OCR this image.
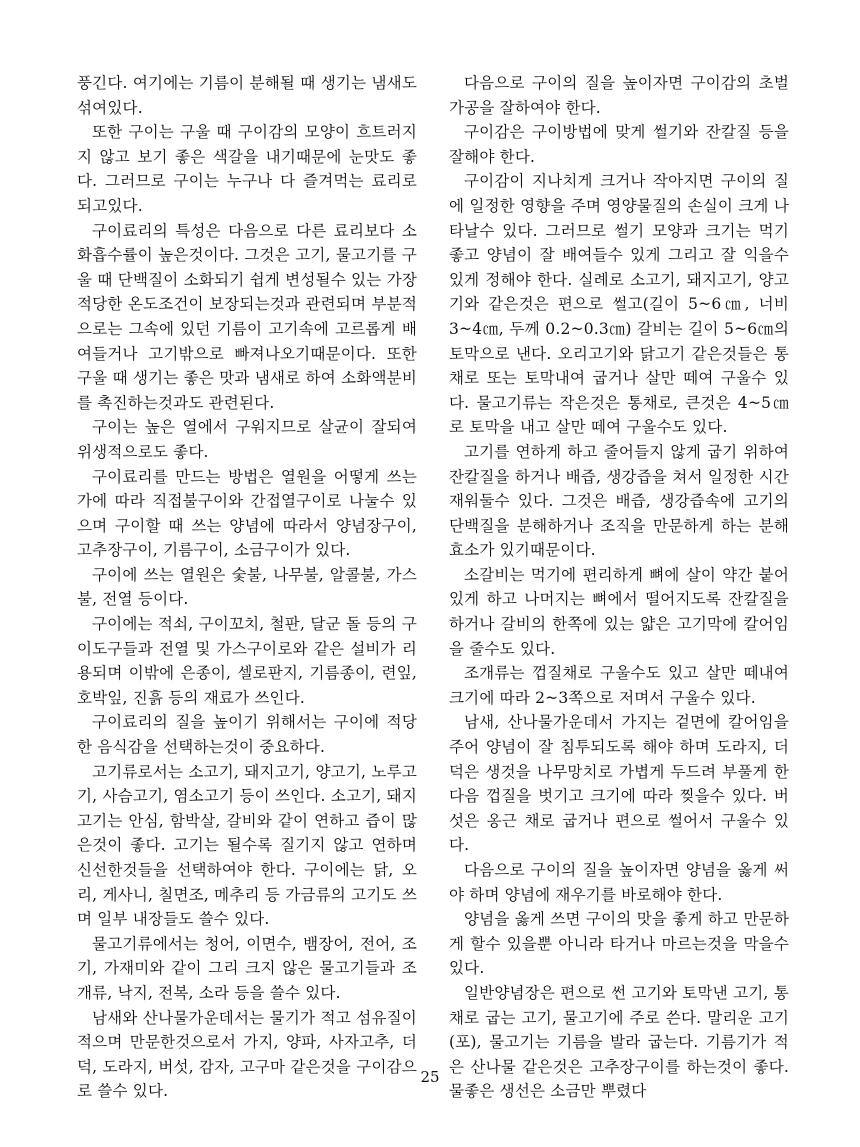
풍긴다. 여기에는 기름이 분해될 때 생기는 냄새도 섞여있다.

또한 구이는 구울 때 구이감의 모양이 흐트러지지 않고 보기 좋은 색갈을 내기때문에 눈맛도 좋다. 그러므로 구이는 누구나 다 즐겨먹는 료리로 되고있다.

구이료리의 특성은 다음으로 다른 료리보다 소화흡수률이 높은것이다. 그것은 고기, 물고기를 구울 때 단백질이 소화되기 쉽게 변성될수 있는 가장 적당한 온도조건이 보장되는것과 관련되며 부분적으로는 그속에 있던 기름이 고기속에 고르롭게 배여들거나 고기밖으로 빠져나오기때문이다. 또한 구울 때 생기는 좋은 맛과 냄새로 하여 소화액분비를 촉진하는것과도 관련된다.

구이는 높은 열에서 구워지므로 살균이 잘되여 위생적으로도 좋다.

구이료리를 만드는 방법은 열원을 어떻게 쓰는가에 따라 직접불구이와 간접열구이로 나눌수 있으며 구이할 때 쓰는 양념에 따라서 양념장구이, 고추장구이, 기름구이, 소금구이가 있다.

구이에 쓰는 열원은 숯불, 나무불, 알콜불, 가스불, 전열 등이다.

구이에는 적쇠, 구이꼬치, 철판, 달군 돌 등의 구이도구들과 전열 및 가스구이로와 같은 설비가 리용되며 이밖에 은종이, 셀로판지, 기름종이, 련잎, 호박잎, 진흙 등의 재료가 쓰인다.

구이료리의 질을 높이기 위해서는 구이에 적당한 음식감을 선택하는것이 중요하다.

고기류로서는 소고기, 돼지고기, 양고기, 노루고기, 사슴고기, 염소고기 등이 쓰인다. 소고기, 돼지고기는 안심, 함박살, 갈비와 같이 연하고 즙이 많은것이 좋다. 고기는 될수록 질기지 않고 연하며 신선한것들을 선택하여야 한다. 구이에는 닭, 오리, 게사니, 칠면조, 메추리 등 가금류의 고기도 쓰며 일부 내장들도 쓸수 있다.

물고기류에서는 청어, 이면수, 뱀장어, 전어, 조기, 가재미와 같이 그리 크지 않은 물고기들과 조개류, 낙지, 전복, 소라 등을 쓸수 있다.

남새와 산나물가운데서는 물기가 적고 섬유질이 적으며 만문한것으로서 가지, 양파, 사자고추, 더덕, 도라지, 버섯, 감자, 고구마 같은것을 구이감으로 쓸수 있다.

다음으로 구이의 질을 높이자면 구이감의 초벌가공을 잘하여야 한다.

구이감은 구이방법에 맞게 썰기와 잔칼질 등을 잘해야 한다.

구이감이 지나치게 크거나 작아지면 구이의 질에 일정한 영향을 주며 영양물질의 손실이 크게 나타날수 있다. 그러므로 썰기 모양과 크기는 먹기 좋고 양념이 잘 배여들수 있게 그리고 잘 익을수 있게 정해야 한다. 실례로 소고기, 돼지고기, 양고기와 같은것은 편으로 썰고(길이 5~6㎝, 너비 3~4㎝, 두께 0.2~0.3㎝) 갈비는 길이 5~6㎝의 토막으로 낸다. 오리고기와 닭고기 같은것들은 통채로 또는 토막내여 굽거나 살만 떼여 구울수 있다. 물고기류는 작은것은 통채로, 큰것은 4~5㎝로 토막을 내고 살만 떼여 구울수도 있다.

고기를 연하게 하고 줄어들지 않게 굽기 위하여 잔칼질을 하거나 배즙, 생강즙을 쳐서 일정한 시간 재워둘수 있다. 그것은 배즙, 생강즙속에 고기의 단백질을 분해하거나 조직을 만문하게 하는 분해효소가 있기때문이다.

소갈비는 먹기에 편리하게 뼈에 살이 약간 붙어있게 하고 나머지는 뼈에서 떨어지도록 잔칼질을 하거나 갈비의 한쪽에 있는 얇은 고기막에 칼어임을 줄수도 있다.

조개류는 껍질채로 구울수도 있고 살만 떼내여 크기에 따라 2~3쪽으로 저며서 구울수 있다.

남새, 산나물가운데서 가지는 겉면에 칼어임을 주어 양념이 잘 침투되도록 해야 하며 도라지, 더덕은 생것을 나무망치로 가볍게 두드려 부풀게 한 다음 껍질을 벗기고 크기에 따라 찢을수 있다. 버섯은 옹근 채로 굽거나 편으로 썰어서 구울수 있다.

다음으로 구이의 질을 높이자면 양념을 옳게 써야 하며 양념에 재우기를 바로해야 한다.

양념을 옳게 쓰면 구이의 맛을 좋게 하고 만문하게 할수 있을뿐 아니라 타거나 마르는것을 막을수 있다.

일반양념장은 편으로 썬 고기와 토막낸 고기, 통채로 굽는 고기, 물고기에 주로 쓴다. 말리운 고기(포), 물고기는 기름을 발라 굽는다. 기름기가 적은 산나물 같은것은 고추장구이를 하는것이 좋다. 물좋은 생선은 소금만 뿌렸다

25
